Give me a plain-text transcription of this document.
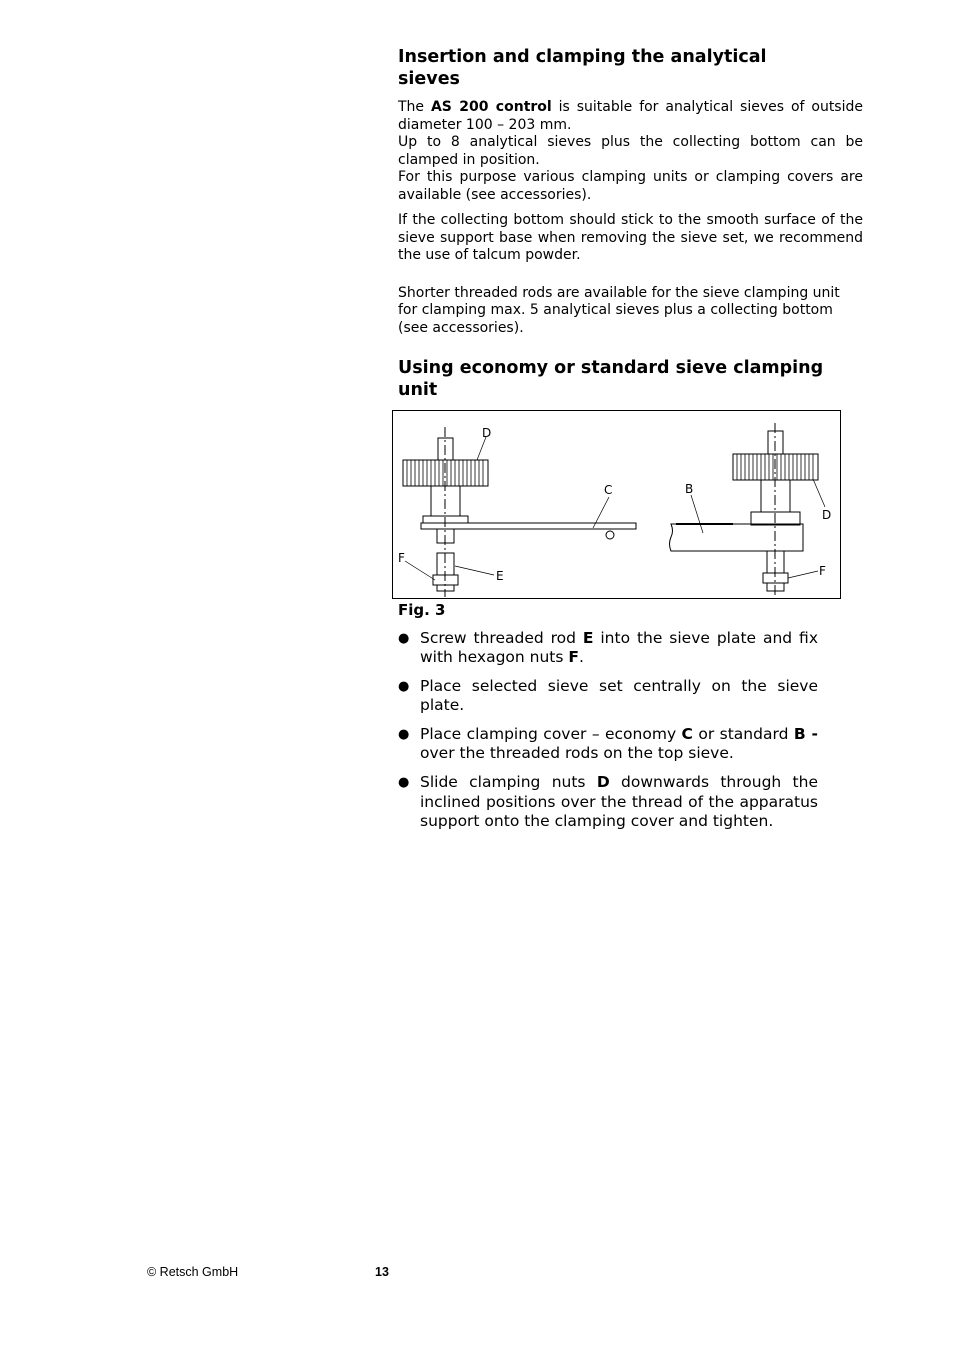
Insertion and clamping the analytical sieves

The AS 200 control is suitable for analytical sieves of outside diameter 100 – 203 mm.

Up to 8 analytical sieves plus the collecting bottom can be clamped in position.

For this purpose various clamping units or clamping covers are available (see accessories).

If the collecting bottom should stick to the smooth surface of the sieve support base when removing the sieve set, we recommend the use of talcum powder.

Shorter threaded rods are available for the sieve clamping unit for clamping max. 5 analytical sieves plus a collecting bottom (see accessories).

Using economy or standard sieve clamping unit
D
C	B
D
F
E	F
Fig. 3
● Screw threaded rod E into the sieve plate and fix with hexagon nuts F.
● Place selected sieve set centrally on the sieve plate.
● Place clamping cover – economy C or standard B - over the threaded rods on the top sieve.
● Slide clamping nuts D downwards through the inclined positions over the thread of the apparatus support onto the clamping cover and tighten.
© Retsch GmbH	13
